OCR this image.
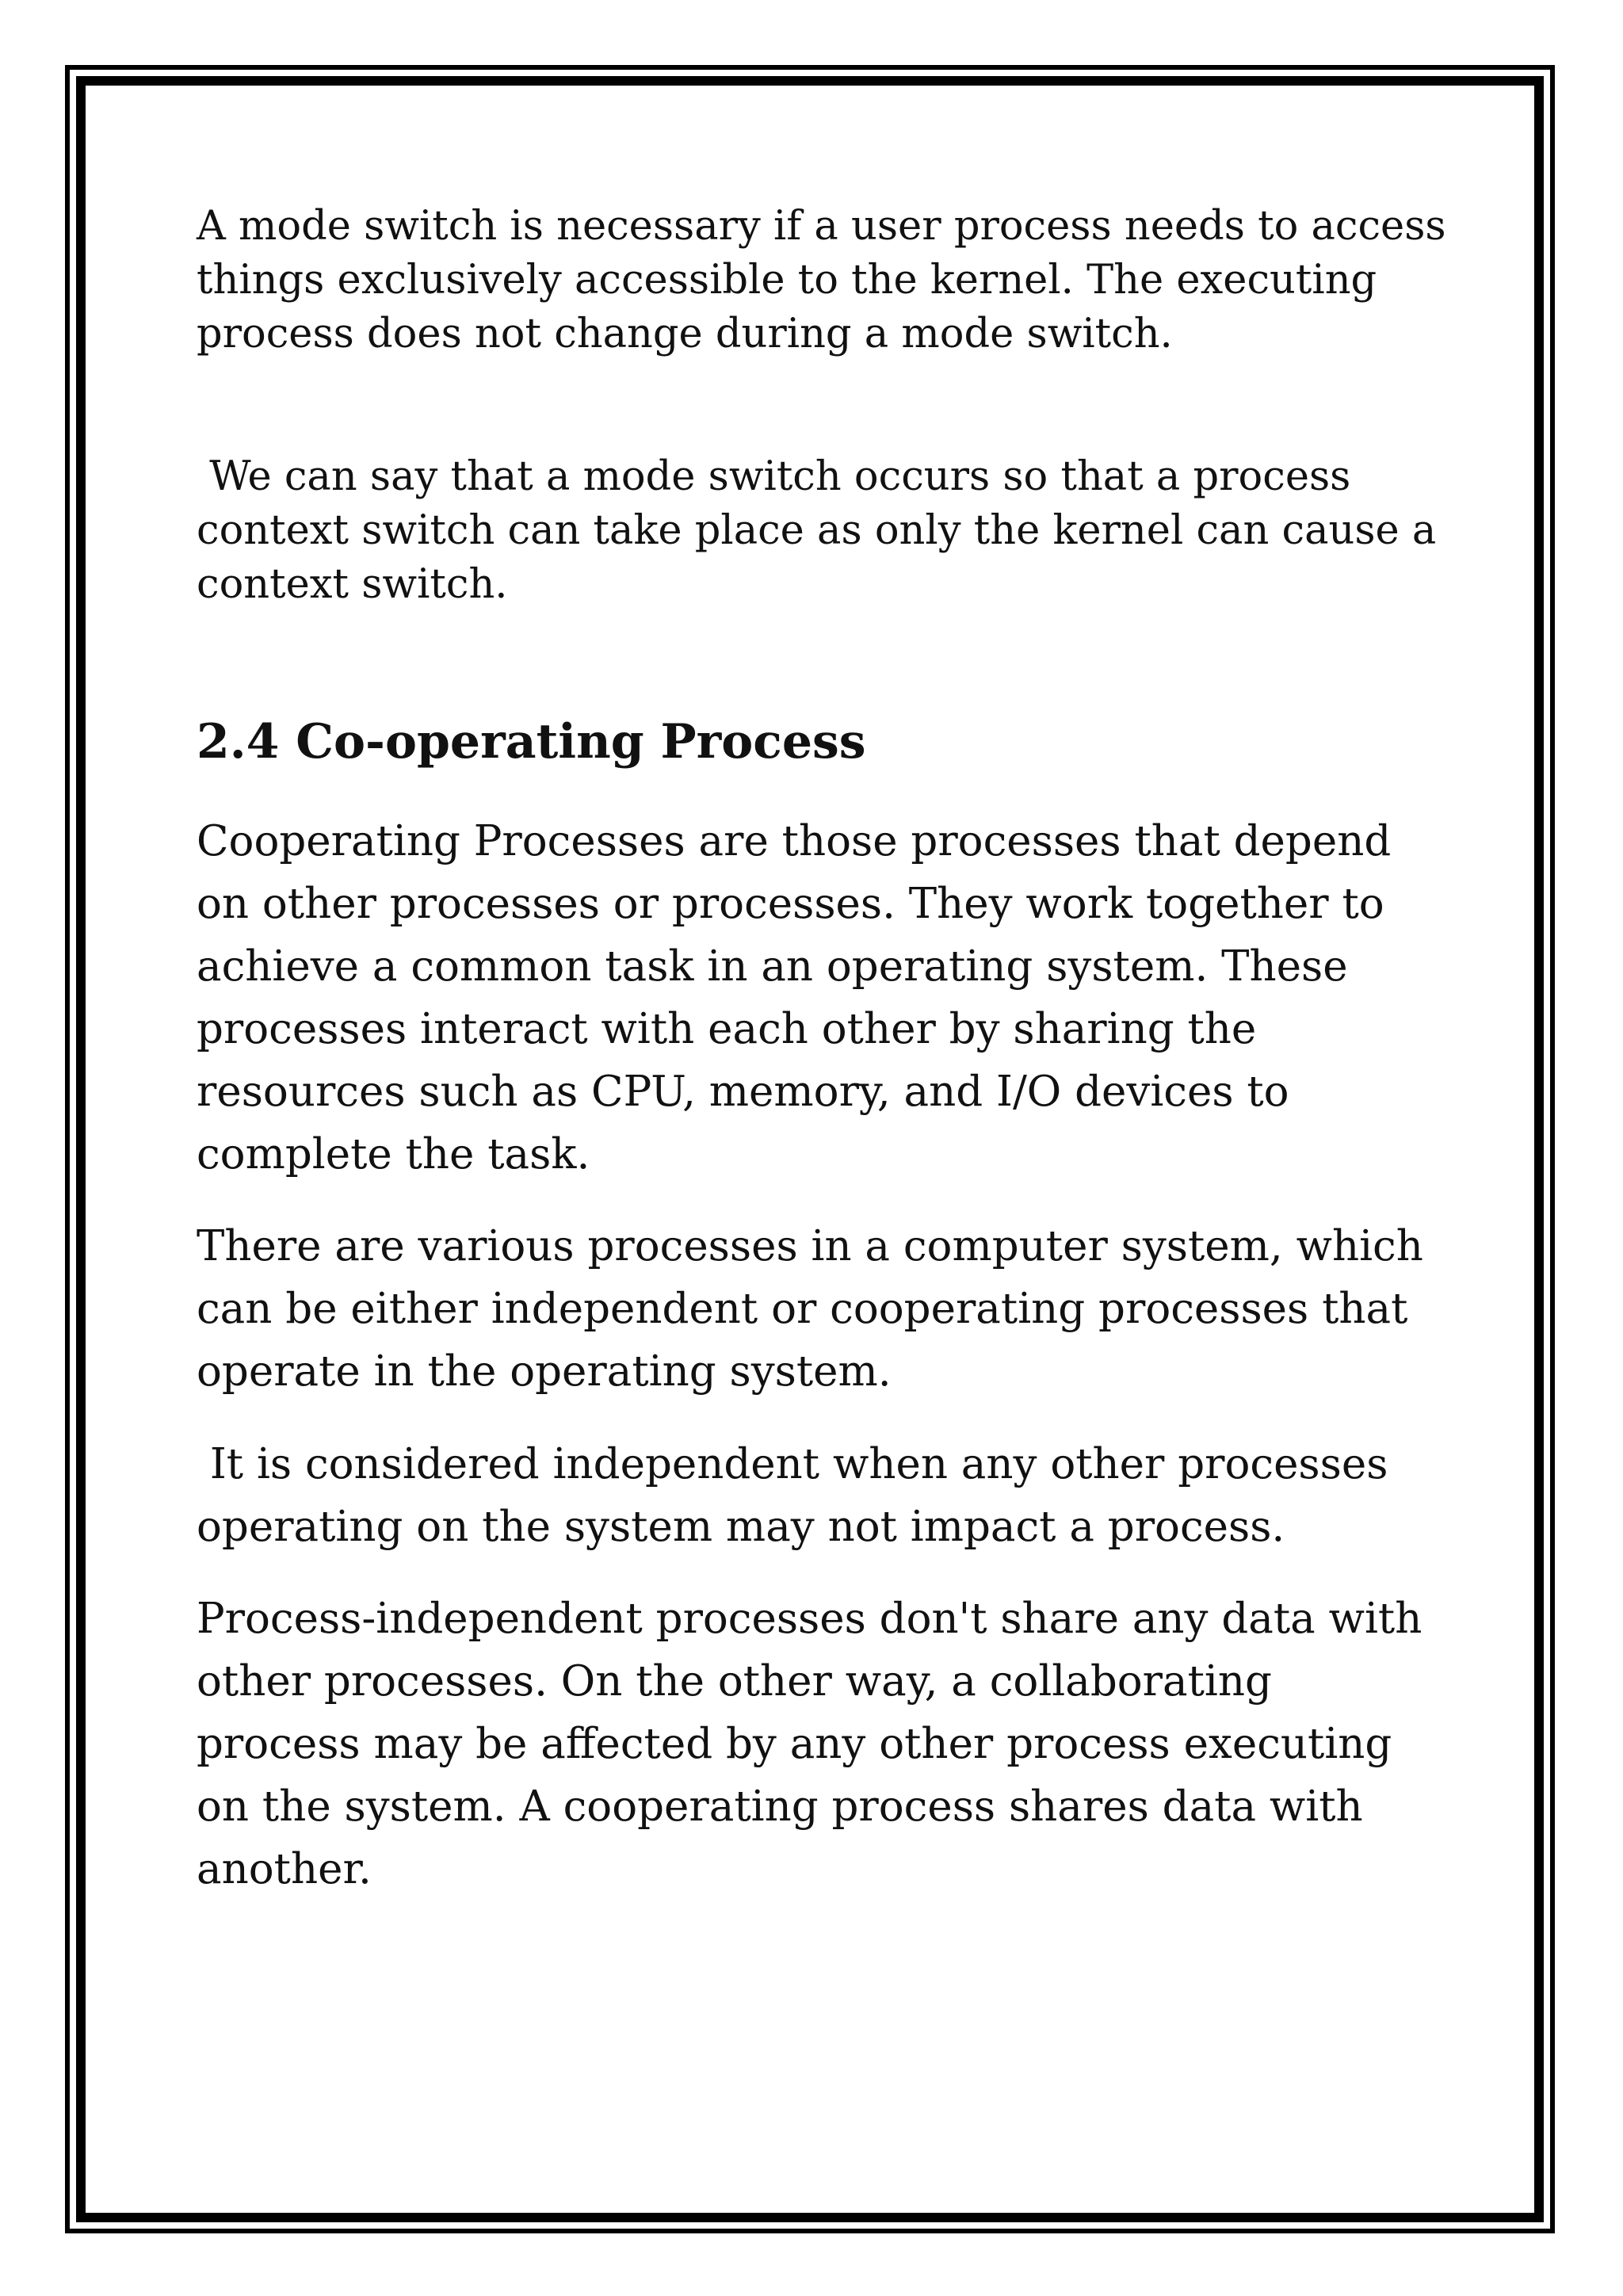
A mode switch is necessary if a user process needs to access things exclusively accessible to the kernel. The executing process does not change during a mode switch.

We can say that a mode switch occurs so that a process context switch can take place as only the kernel can cause a context switch.

2.4 Co-operating Process

Cooperating Processes are those processes that depend on other processes or processes. They work together to achieve a common task in an operating system. These processes interact with each other by sharing the resources such as CPU, memory, and I/O devices to complete the task.

There are various processes in a computer system, which can be either independent or cooperating processes that operate in the operating system.

It is considered independent when any other processes operating on the system may not impact a process.

Process-independent processes don't share any data with other processes. On the other way, a collaborating process may be affected by any other process executing on the system. A cooperating process shares data with another.
